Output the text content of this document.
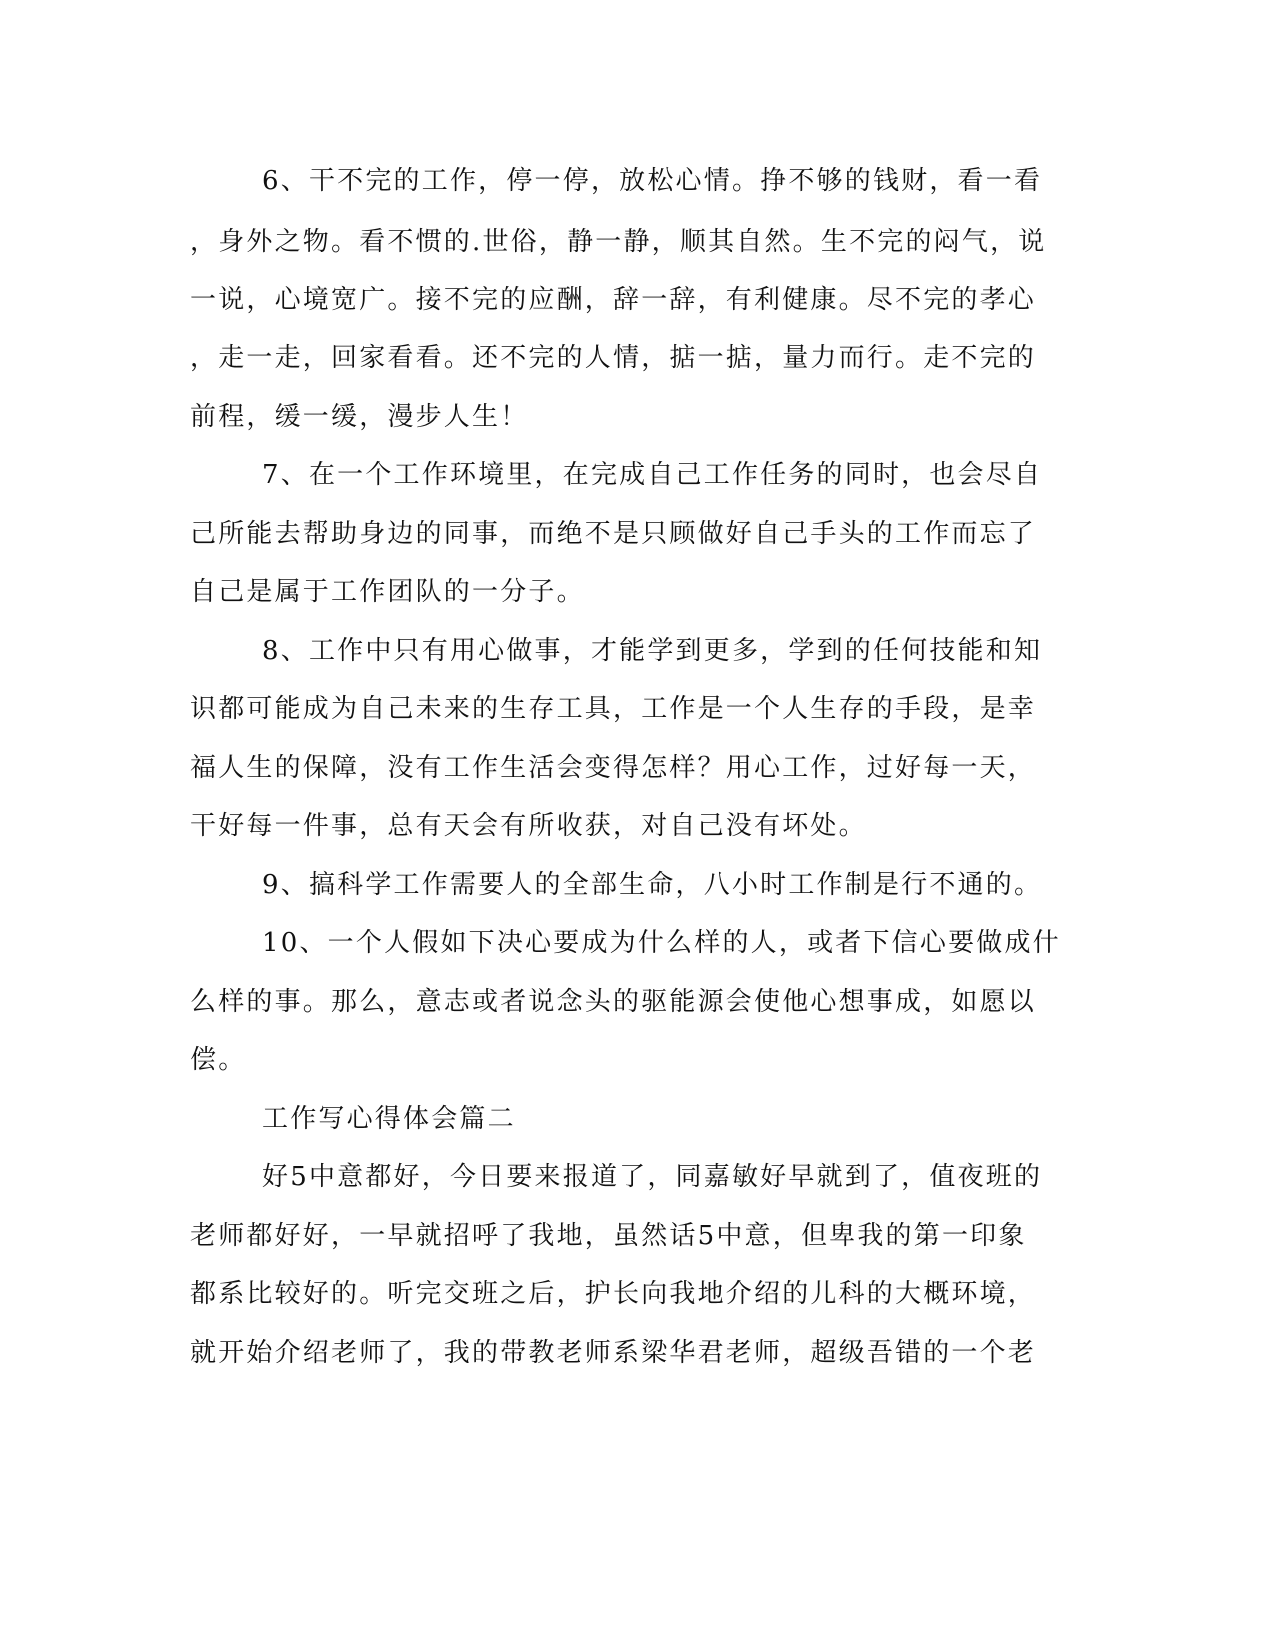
6、干不完的工作，停一停，放松心情。挣不够的钱财，看一看

，身外之物。看不惯的.世俗，静一静，顺其自然。生不完的闷气，说

一说，心境宽广。接不完的应酬，辞一辞，有利健康。尽不完的孝心

，走一走，回家看看。还不完的人情，掂一掂，量力而行。走不完的

前程，缓一缓，漫步人生！

7、在一个工作环境里，在完成自己工作任务的同时，也会尽自

己所能去帮助身边的同事，而绝不是只顾做好自己手头的工作而忘了

自己是属于工作团队的一分子。

8、工作中只有用心做事，才能学到更多，学到的任何技能和知

识都可能成为自己未来的生存工具，工作是一个人生存的手段，是幸

福人生的保障，没有工作生活会变得怎样？用心工作，过好每一天，

干好每一件事，总有天会有所收获，对自己没有坏处。

9、搞科学工作需要人的全部生命，八小时工作制是行不通的。

10、一个人假如下决心要成为什么样的人，或者下信心要做成什

么样的事。那么，意志或者说念头的驱能源会使他心想事成，如愿以

偿。

工作写心得体会篇二

好5中意都好，今日要来报道了，同嘉敏好早就到了，值夜班的

老师都好好，一早就招呼了我地，虽然话5中意，但卑我的第一印象

都系比较好的。听完交班之后，护长向我地介绍的儿科的大概环境，

就开始介绍老师了，我的带教老师系梁华君老师，超级吾错的一个老
